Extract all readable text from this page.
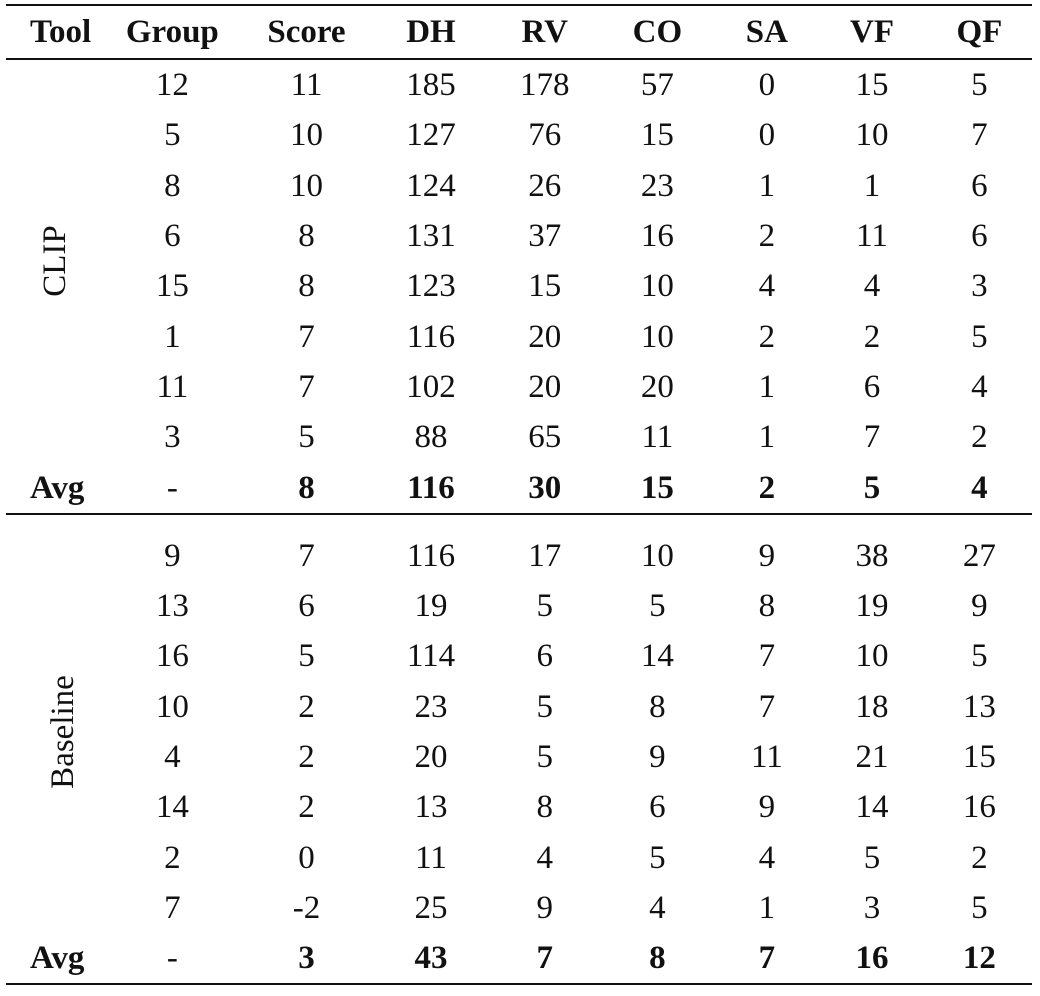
Tool	Group	Score	DH	RV	CO	SA	VF	QF
CLIP	12	11	185	178	57	0	15	5
	5	10	127	76	15	0	10	7
	8	10	124	26	23	1	1	6
	6	8	131	37	16	2	11	6
	15	8	123	15	10	4	4	3
	1	7	116	20	10	2	2	5
	11	7	102	20	20	1	6	4
	3	5	88	65	11	1	7	2
Avg	-	8	116	30	15	2	5	4
Baseline	9	7	116	17	10	9	38	27
	13	6	19	5	5	8	19	9
	16	5	114	6	14	7	10	5
	10	2	23	5	8	7	18	13
	4	2	20	5	9	11	21	15
	14	2	13	8	6	9	14	16
	2	0	11	4	5	4	5	2
	7	-2	25	9	4	1	3	5
Avg	-	3	43	7	8	7	16	12
